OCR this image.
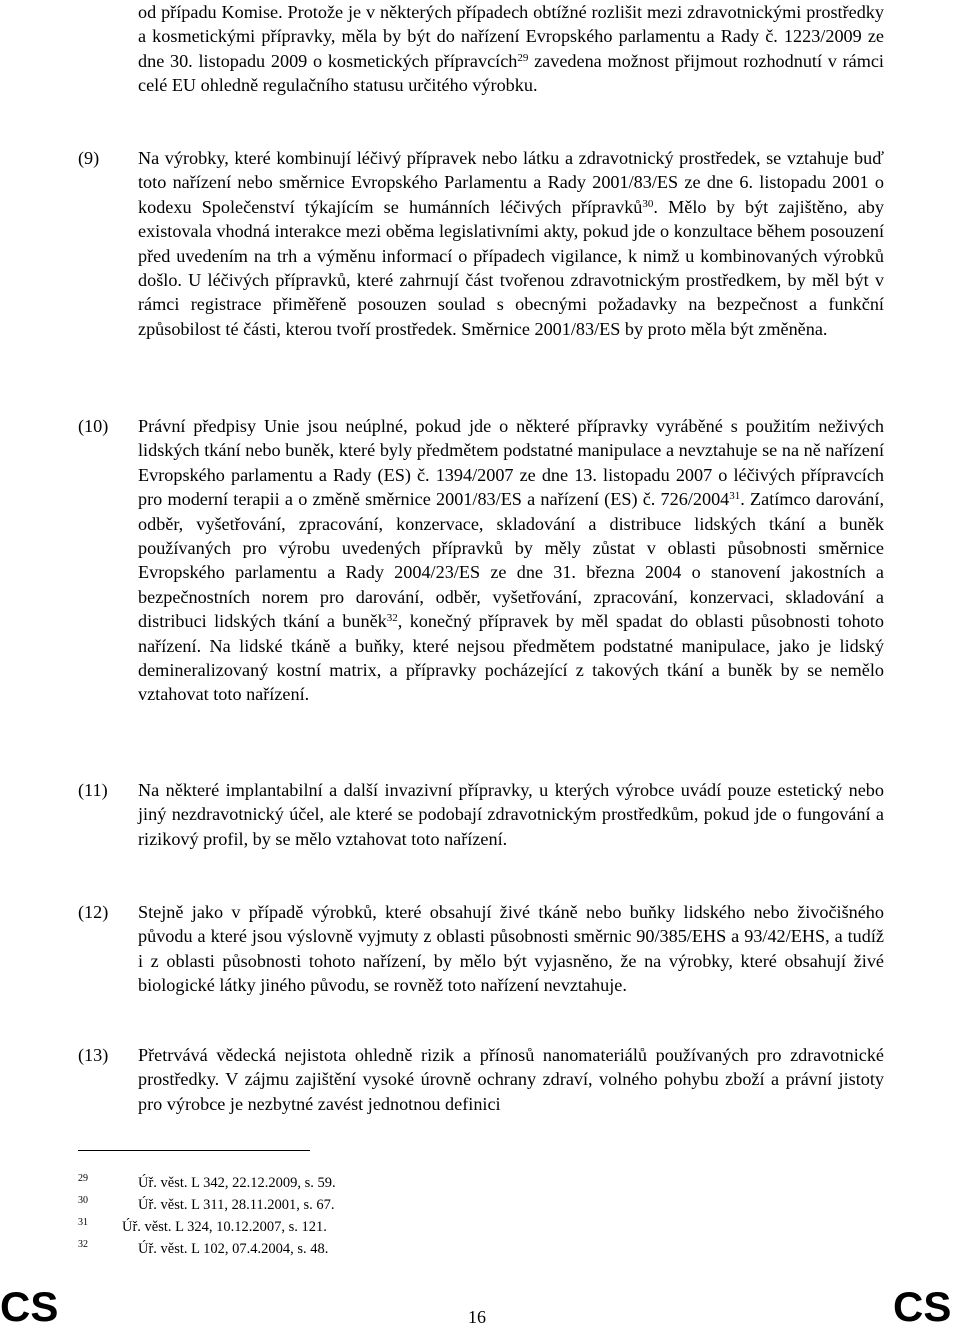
od případu Komise. Protože je v některých případech obtížné rozlišit mezi zdravotnickými prostředky a kosmetickými přípravky, měla by být do nařízení Evropského parlamentu a Rady č. 1223/2009 ze dne 30. listopadu 2009 o kosmetických přípravcích$^{29}$ zavedena možnost přijmout rozhodnutí v rámci celé EU ohledně regulačního statusu určitého výrobku.
(9) Na výrobky, které kombinují léčivý přípravek nebo látku a zdravotnický prostředek, se vztahuje buď toto nařízení nebo směrnice Evropského Parlamentu a Rady 2001/83/ES ze dne 6. listopadu 2001 o kodexu Společenství týkajícím se humánních léčivých přípravků$^{30}$. Mělo by být zajištěno, aby existovala vhodná interakce mezi oběma legislativními akty, pokud jde o konzultace během posouzení před uvedením na trh a výměnu informací o případech vigilance, k nimž u kombinovaných výrobků došlo. U léčivých přípravků, které zahrnují část tvořenou zdravotnickým prostředkem, by měl být v rámci registrace přiměřeně posouzen soulad s obecnými požadavky na bezpečnost a funkční způsobilost té části, kterou tvoří prostředek. Směrnice 2001/83/ES by proto měla být změněna.
(10) Právní předpisy Unie jsou neúplné, pokud jde o některé přípravky vyráběné s použitím neživých lidských tkání nebo buněk, které byly předmětem podstatné manipulace a nevztahuje se na ně nařízení Evropského parlamentu a Rady (ES) č. 1394/2007 ze dne 13. listopadu 2007 o léčivých přípravcích pro moderní terapii a o změně směrnice 2001/83/ES a nařízení (ES) č. 726/2004$^{31}$. Zatímco darování, odběr, vyšetřování, zpracování, konzervace, skladování a distribuce lidských tkání a buněk používaných pro výrobu uvedených přípravků by měly zůstat v oblasti působnosti směrnice Evropského parlamentu a Rady 2004/23/ES ze dne 31. března 2004 o stanovení jakostních a bezpečnostních norem pro darování, odběr, vyšetřování, zpracování, konzervaci, skladování a distribuci lidských tkání a buněk$^{32}$, konečný přípravek by měl spadat do oblasti působnosti tohoto nařízení. Na lidské tkáně a buňky, které nejsou předmětem podstatné manipulace, jako je lidský demineralizovaný kostní matrix, a přípravky pocházející z takových tkání a buněk by se nemělo vztahovat toto nařízení.
(11) Na některé implantabilní a další invazivní přípravky, u kterých výrobce uvádí pouze estetický nebo jiný nezdravotnický účel, ale které se podobají zdravotnickým prostředkům, pokud jde o fungování a rizikový profil, by se mělo vztahovat toto nařízení.
(12) Stejně jako v případě výrobků, které obsahují živé tkáně nebo buňky lidského nebo živočišného původu a které jsou výslovně vyjmuty z oblasti působnosti směrnic 90/385/EHS a 93/42/EHS, a tudíž i z oblasti působnosti tohoto nařízení, by mělo být vyjasněno, že na výrobky, které obsahují živé biologické látky jiného původu, se rovněž toto nařízení nevztahuje.
(13) Přetrvává vědecká nejistota ohledně rizik a přínosů nanomateriálů používaných pro zdravotnické prostředky. V zájmu zajištění vysoké úrovně ochrany zdraví, volného pohybu zboží a právní jistoty pro výrobce je nezbytné zavést jednotnou definici
29	Úř. věst. L 342, 22.12.2009, s. 59.
30	Úř. věst. L 311, 28.11.2001, s. 67.
31 Úř. věst. L 324, 10.12.2007, s. 121.
32	Úř. věst. L 102, 07.4.2004, s. 48.
CS	16	CS
